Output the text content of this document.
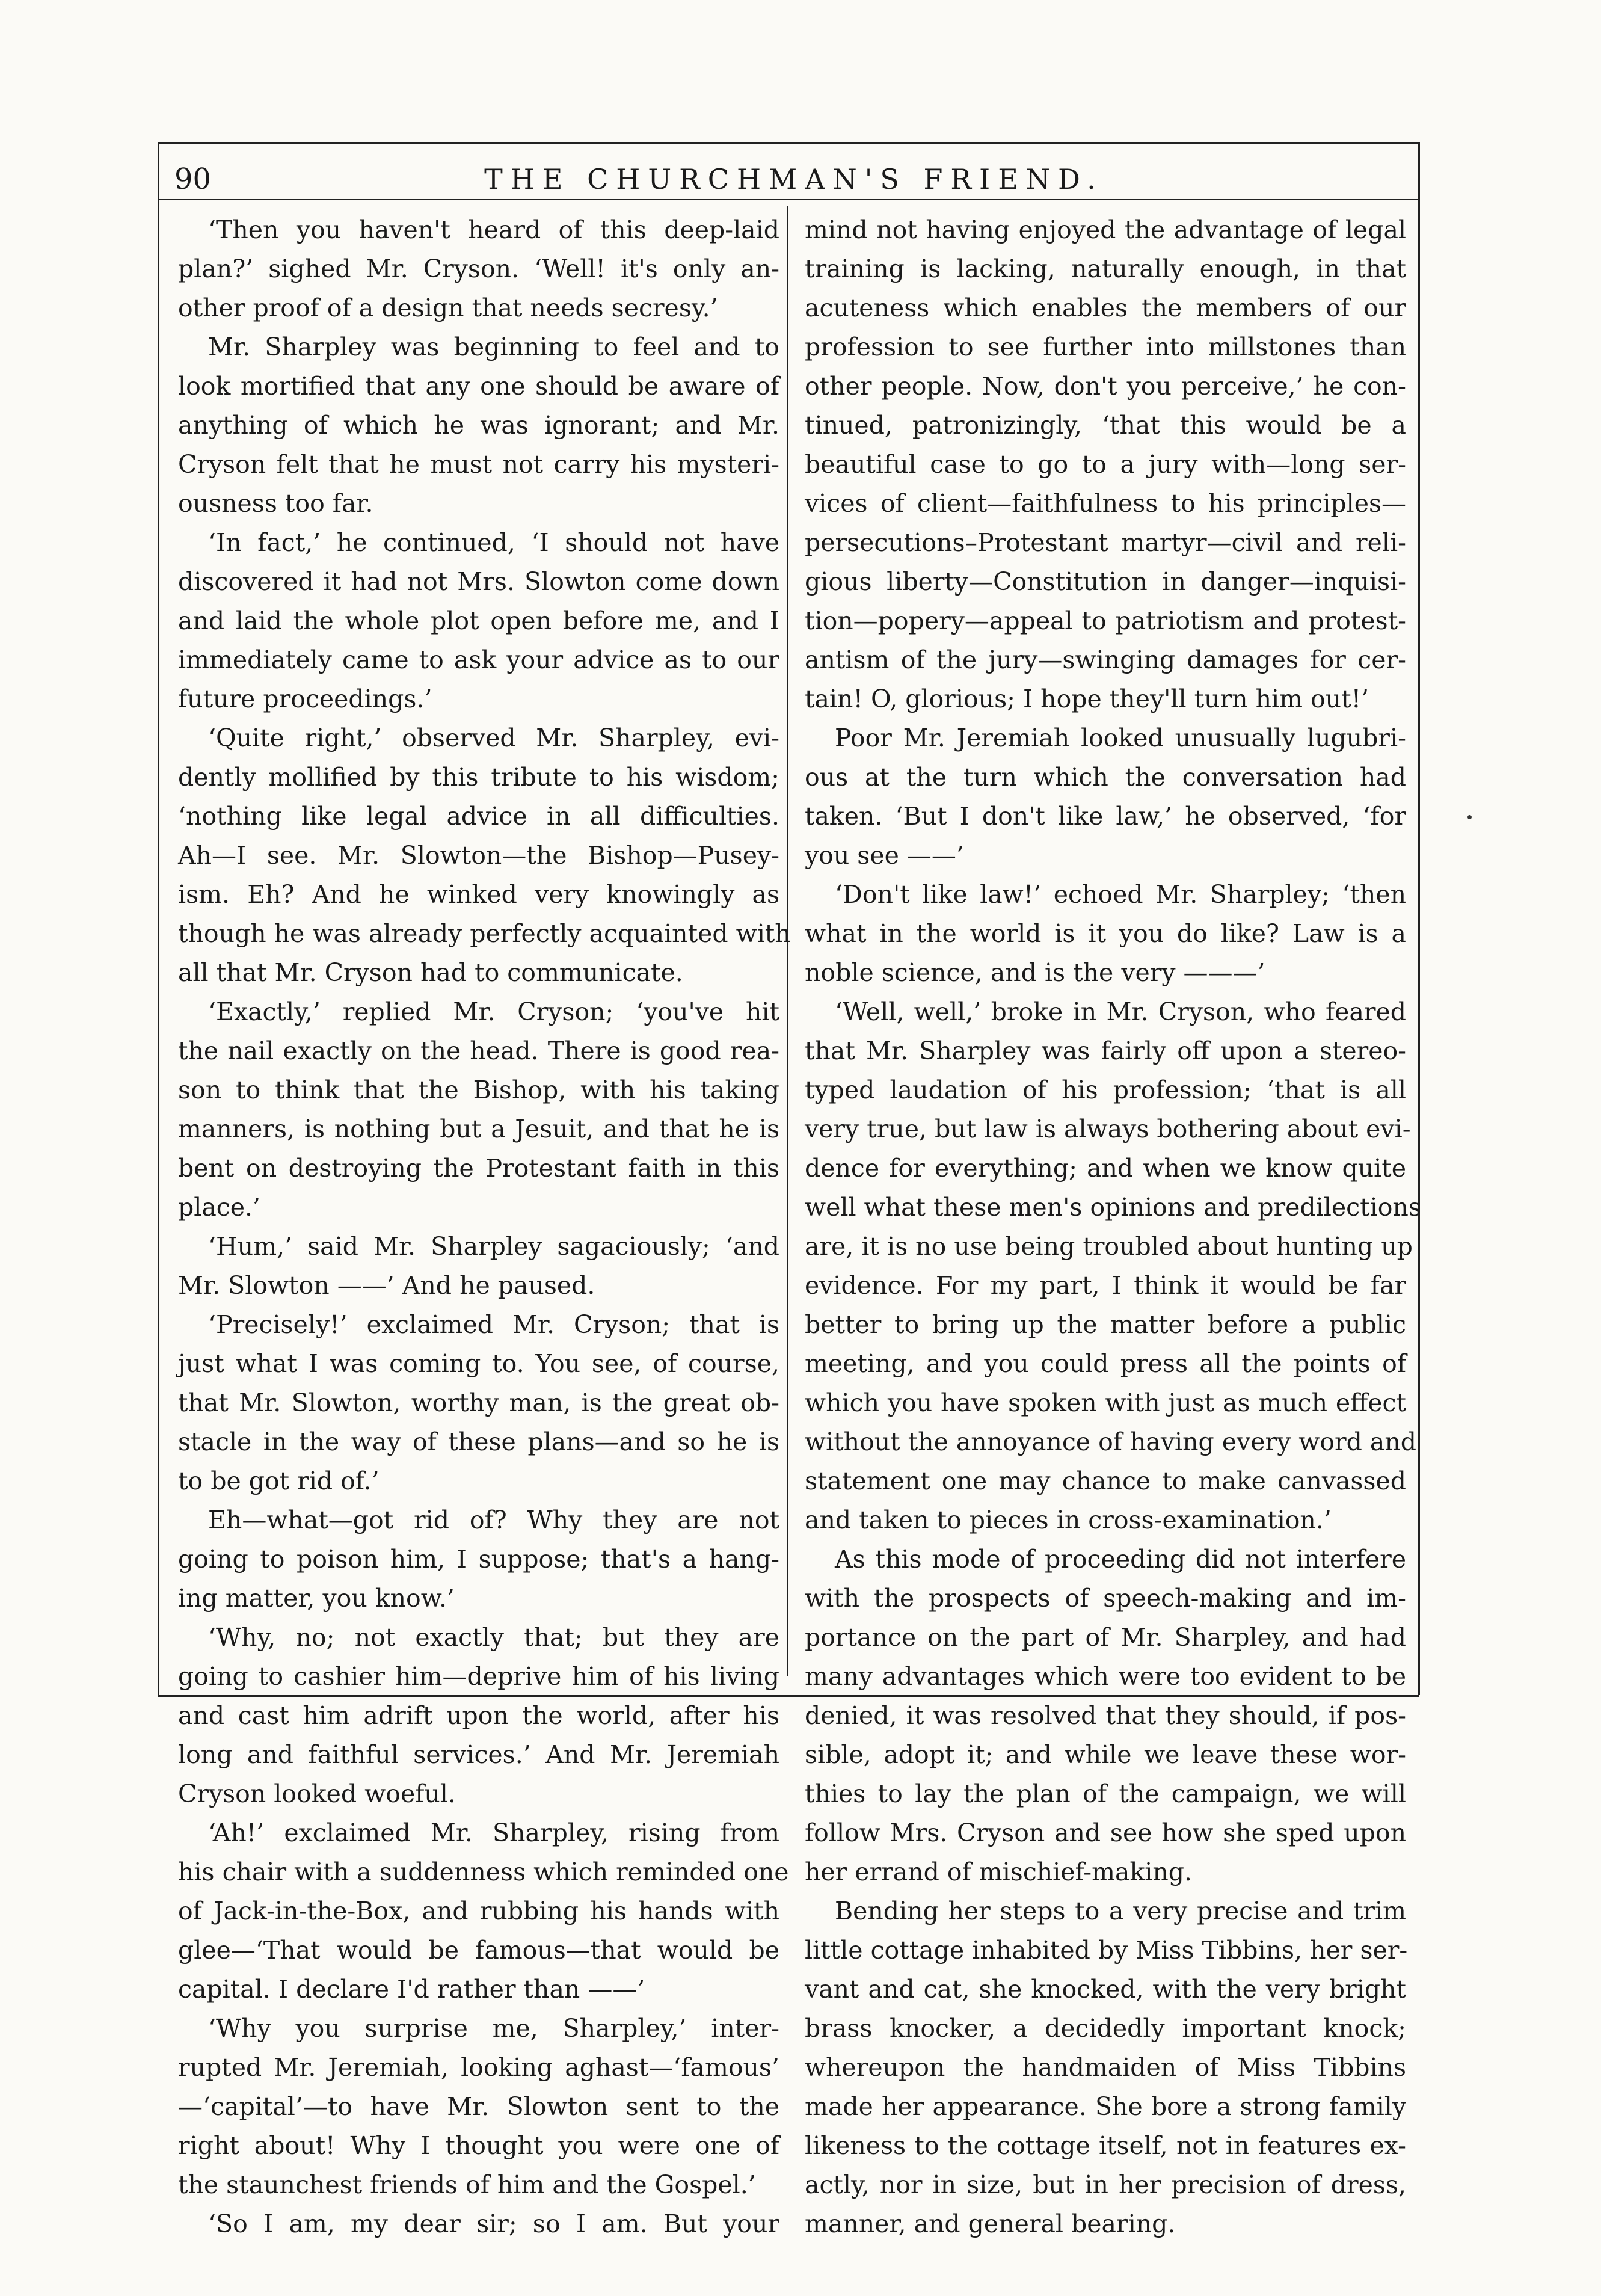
90	THE CHURCHMAN'S FRIEND.
‘Then you haven't heard of this deep-laid
plan?’ sighed Mr. Cryson. ‘Well! it's only an-
other proof of a design that needs secresy.’
Mr. Sharpley was beginning to feel and to
look mortified that any one should be aware of
anything of which he was ignorant; and Mr.
Cryson felt that he must not carry his mysteri-
ousness too far.
‘In fact,’ he continued, ‘I should not have
discovered it had not Mrs. Slowton come down
and laid the whole plot open before me, and I
immediately came to ask your advice as to our
future proceedings.’
‘Quite right,’ observed Mr. Sharpley, evi-
dently mollified by this tribute to his wisdom;
‘nothing like legal advice in all difficulties.
Ah—I see. Mr. Slowton—the Bishop—Pusey-
ism. Eh? And he winked very knowingly as
though he was already perfectly acquainted with
all that Mr. Cryson had to communicate.
‘Exactly,’ replied Mr. Cryson; ‘you've hit
the nail exactly on the head. There is good rea-
son to think that the Bishop, with his taking
manners, is nothing but a Jesuit, and that he is
bent on destroying the Protestant faith in this
place.’
‘Hum,’ said Mr. Sharpley sagaciously; ‘and
Mr. Slowton ——’ And he paused.
‘Precisely!’ exclaimed Mr. Cryson; that is
just what I was coming to. You see, of course,
that Mr. Slowton, worthy man, is the great ob-
stacle in the way of these plans—and so he is
to be got rid of.’
Eh—what—got rid of? Why they are not
going to poison him, I suppose; that's a hang-
ing matter, you know.’
‘Why, no; not exactly that; but they are
going to cashier him—deprive him of his living
and cast him adrift upon the world, after his
long and faithful services.’ And Mr. Jeremiah
Cryson looked woeful.
‘Ah!’ exclaimed Mr. Sharpley, rising from
his chair with a suddenness which reminded one
of Jack-in-the-Box, and rubbing his hands with
glee—‘That would be famous—that would be
capital. I declare I'd rather than ——’
‘Why you surprise me, Sharpley,’ inter-
rupted Mr. Jeremiah, looking aghast—‘famous’
—‘capital’—to have Mr. Slowton sent to the
right about! Why I thought you were one of
the staunchest friends of him and the Gospel.’
‘So I am, my dear sir; so I am. But your
mind not having enjoyed the advantage of legal
training is lacking, naturally enough, in that
acuteness which enables the members of our
profession to see further into millstones than
other people. Now, don't you perceive,’ he con-
tinued, patronizingly, ‘that this would be a
beautiful case to go to a jury with—long ser-
vices of client—faithfulness to his principles—
persecutions–Protestant martyr—civil and reli-
gious liberty—Constitution in danger—inquisi-
tion—popery—appeal to patriotism and protest-
antism of the jury—swinging damages for cer-
tain! O, glorious; I hope they'll turn him out!’
Poor Mr. Jeremiah looked unusually lugubri-
ous at the turn which the conversation had
taken. ‘But I don't like law,’ he observed, ‘for
you see ——’
‘Don't like law!’ echoed Mr. Sharpley; ‘then
what in the world is it you do like? Law is a
noble science, and is the very ———’
‘Well, well,’ broke in Mr. Cryson, who feared
that Mr. Sharpley was fairly off upon a stereo-
typed laudation of his profession; ‘that is all
very true, but law is always bothering about evi-
dence for everything; and when we know quite
well what these men's opinions and predilections
are, it is no use being troubled about hunting up
evidence. For my part, I think it would be far
better to bring up the matter before a public
meeting, and you could press all the points of
which you have spoken with just as much effect
without the annoyance of having every word and
statement one may chance to make canvassed
and taken to pieces in cross-examination.’
As this mode of proceeding did not interfere
with the prospects of speech-making and im-
portance on the part of Mr. Sharpley, and had
many advantages which were too evident to be
denied, it was resolved that they should, if pos-
sible, adopt it; and while we leave these wor-
thies to lay the plan of the campaign, we will
follow Mrs. Cryson and see how she sped upon
her errand of mischief-making.
Bending her steps to a very precise and trim
little cottage inhabited by Miss Tibbins, her ser-
vant and cat, she knocked, with the very bright
brass knocker, a decidedly important knock;
whereupon the handmaiden of Miss Tibbins
made her appearance. She bore a strong family
likeness to the cottage itself, not in features ex-
actly, nor in size, but in her precision of dress,
manner, and general bearing.
